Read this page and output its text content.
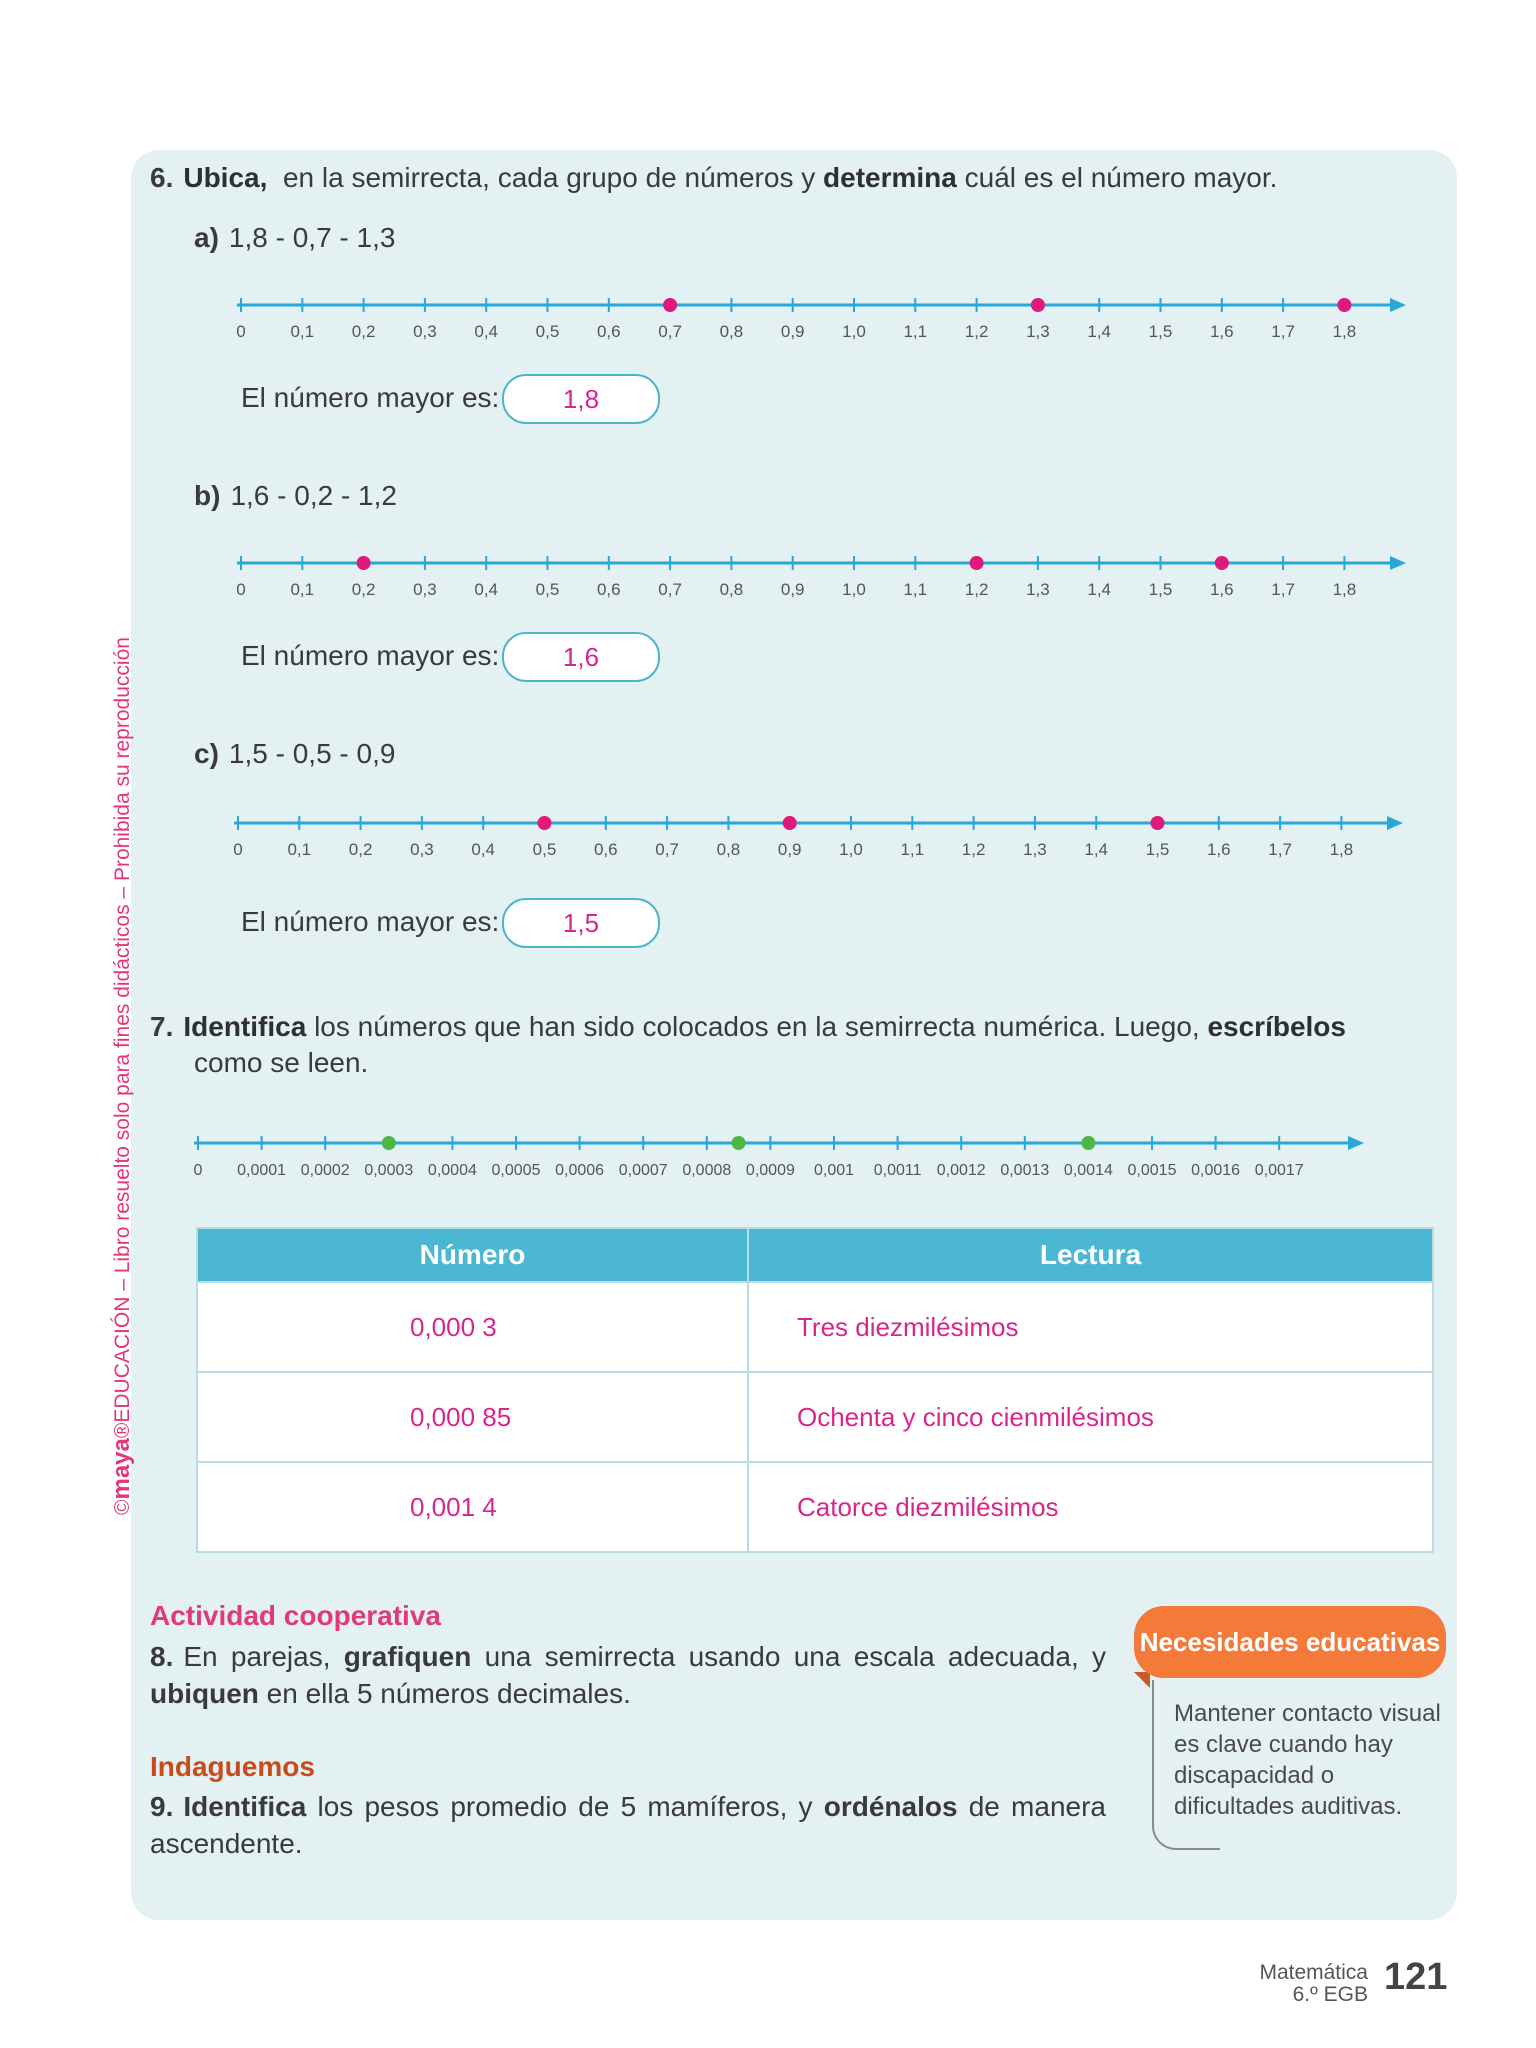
©maya®EDUCACIÓN – Libro resuelto solo para fines didácticos – Prohibida su reproducción
6. Ubica, en la semirrecta, cada grupo de números y determina cuál es el número mayor.
a) 1,8 - 0,7 - 1,3
0	0,1 0,2 0,3 0,4 0,5 0,6 0,7 0,8 0,9 1,0 1,1 1,2 1,3 1,4 1,5 1,6 1,7 1,8
El número mayor es:	1,8
b) 1,6 - 0,2 - 1,2
0	0,1 0,2 0,3 0,4 0,5 0,6 0,7 0,8 0,9 1,0 1,1 1,2 1,3 1,4 1,5 1,6 1,7 1,8
El número mayor es:	1,6
c) 1,5 - 0,5 - 0,9
0	0,1 0,2 0,3 0,4 0,5 0,6 0,7 0,8 0,9 1,0 1,1 1,2 1,3 1,4 1,5 1,6 1,7 1,8
El número mayor es:	1,5
7. Identifica los números que han sido colocados en la semirrecta numérica. Luego, escríbelos
como se leen.
0 0,0001 0,0002 0,0003 0,0004 0,0005 0,0006 0,0007 0,0008 0,0009 0,001 0,0011 0,0012 0,0013 0,0014 0,0015 0,0016 0,0017
Número	Lectura
0,000 3	Tres diezmilésimos
0,000 85	Ochenta y cinco cienmilésimos
0,001 4	Catorce diezmilésimos
Actividad cooperativa
8. En parejas, grafiquen una semirrecta usando una escala adecuada, y ubiquen en ella 5 números decimales.
Indaguemos
9. Identifica los pesos promedio de 5 mamíferos, y ordénalos de manera ascendente.
Necesidades educativas
Mantener contacto visual es clave cuando hay discapacidad o dificultades auditivas.
Matemática
6.º EGB 121
